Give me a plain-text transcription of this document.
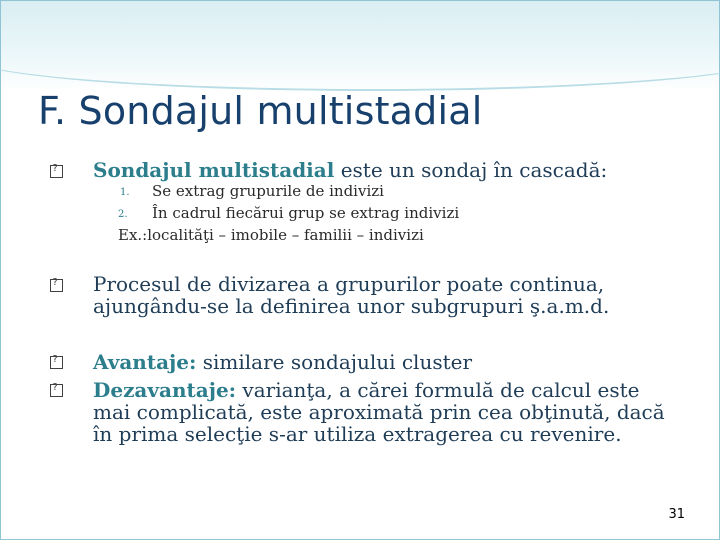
F. Sondajul multistadial
?
Sondajul multistadial este un sondaj în cascadă:
1. Se extrag grupurile de indivizi
2. În cadrul fiecărui grup se extrag indivizi
Ex.:localităţi – imobile – familii – indivizi
?
Procesul de divizarea a grupurilor poate continua,
ajungându-se la definirea unor subgrupuri ş.a.m.d.
?
Avantaje: similare sondajului cluster
?
Dezavantaje: varianţa, a cărei formulă de calcul este
mai complicată, este aproximată prin cea obţinută, dacă
în prima selecţie s-ar utiliza extragerea cu revenire.
31
